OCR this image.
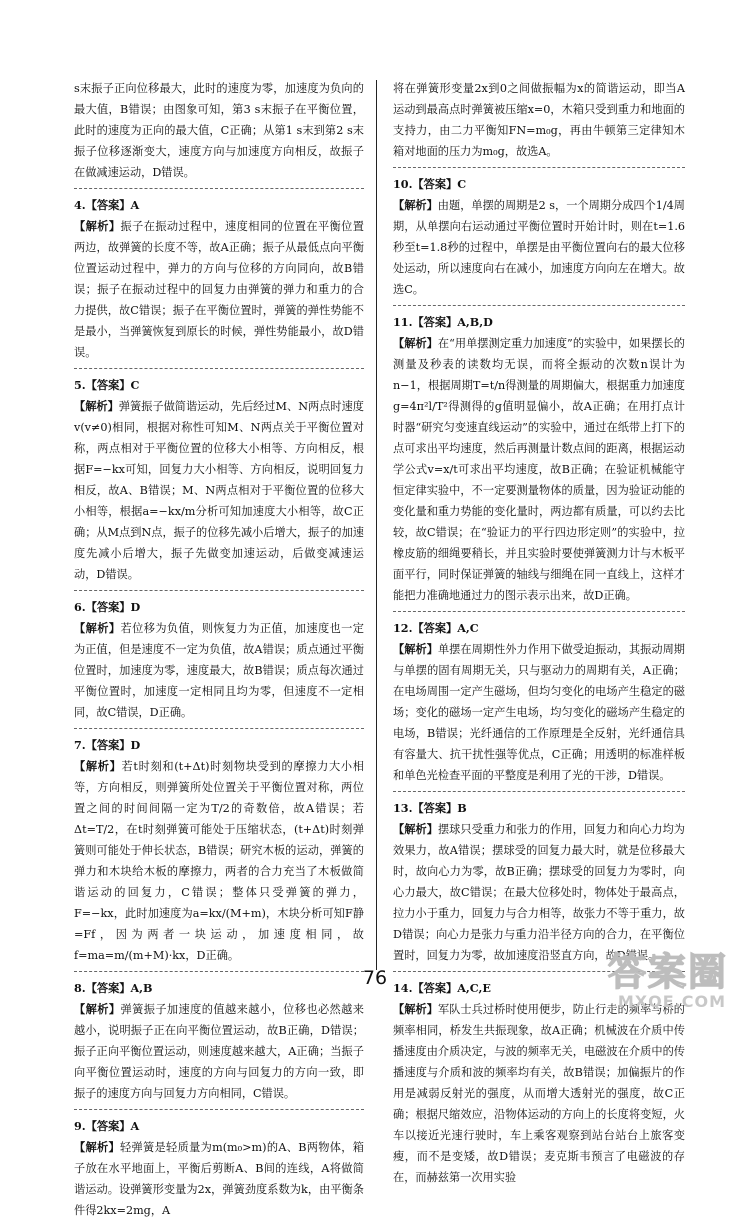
s末振子正向位移最大，此时的速度为零，加速度为负向的最大值，B错误；由图象可知，第3 s末振子在平衡位置，此时的速度为正向的最大值，C正确；从第1 s末到第2 s末振子位移逐渐变大，速度方向与加速度方向相反，故振子在做减速运动，D错误。
4.【答案】A
【解析】振子在振动过程中，速度相同的位置在平衡位置两边，故弹簧的长度不等，故A正确；振子从最低点向平衡位置运动过程中，弹力的方向与位移的方向同向，故B错误；振子在振动过程中的回复力由弹簧的弹力和重力的合力提供，故C错误；振子在平衡位置时，弹簧的弹性势能不是最小，当弹簧恢复到原长的时候，弹性势能最小，故D错误。
5.【答案】C
【解析】弹簧振子做简谐运动，先后经过M、N两点时速度v(v≠0)相同，根据对称性可知M、N两点关于平衡位置对称，两点相对于平衡位置的位移大小相等、方向相反，根据F=−kx可知，回复力大小相等、方向相反，说明回复力相反，故A、B错误；M、N两点相对于平衡位置的位移大小相等，根据a=−kx/m分析可知加速度大小相等，故C正确；从M点到N点，振子的位移先减小后增大，振子的加速度先减小后增大，振子先做变加速运动，后做变减速运动，D错误。
6.【答案】D
【解析】若位移为负值，则恢复力为正值，加速度也一定为正值，但是速度不一定为负值，故A错误；质点通过平衡位置时，加速度为零，速度最大，故B错误；质点每次通过平衡位置时，加速度一定相同且均为零，但速度不一定相同，故C错误，D正确。
7.【答案】D
【解析】若t时刻和(t+Δt)时刻物块受到的摩擦力大小相等，方向相反，则弹簧所处位置关于平衡位置对称，两位置之间的时间间隔一定为T/2的奇数倍，故A错误；若Δt=T/2，在t时刻弹簧可能处于压缩状态，(t+Δt)时刻弹簧则可能处于伸长状态，B错误；研究木板的运动，弹簧的弹力和木块给木板的摩擦力，两者的合力充当了木板做简谐运动的回复力，C错误；整体只受弹簧的弹力，F=−kx，此时加速度为a=kx/(M+m)，木块分析可知F静=Ff，因为两者一块运动，加速度相同，故f=ma=m/(m+M)·kx，D正确。
8.【答案】A,B
【解析】弹簧振子加速度的值越来越小，位移也必然越来越小，说明振子正在向平衡位置运动，故B正确，D错误；振子正向平衡位置运动，则速度越来越大，A正确；当振子向平衡位置运动时，速度的方向与回复力的方向一致，即振子的速度方向与回复力方向相同，C错误。
9.【答案】A
【解析】轻弹簧是轻质量为m(m₀>m)的A、B两物体，箱子放在水平地面上，平衡后剪断A、B间的连线，A将做简谐运动。设弹簧形变量为2x，弹簧劲度系数为k，由平衡条件得2kx=2mg，A
将在弹簧形变量2x到0之间做振幅为x的简谐运动，即当A运动到最高点时弹簧被压缩x=0，木箱只受到重力和地面的支持力，由二力平衡知FN=m₀g，再由牛顿第三定律知木箱对地面的压力为m₀g，故选A。
10.【答案】C
【解析】由题，单摆的周期是2 s，一个周期分成四个1/4周期，从单摆向右运动通过平衡位置时开始计时，则在t=1.6秒至t=1.8秒的过程中，单摆是由平衡位置向右的最大位移处运动，所以速度向右在减小，加速度方向向左在增大。故选C。
11.【答案】A,B,D
【解析】在“用单摆测定重力加速度”的实验中，如果摆长的测量及秒表的读数均无误，而将全振动的次数n误计为n−1，根据周期T=t/n得测量的周期偏大，根据重力加速度g=4π²l/T²得测得的g值明显偏小，故A正确；在用打点计时器“研究匀变速直线运动”的实验中，通过在纸带上打下的点可求出平均速度，然后再测量计数点间的距离，根据运动学公式v=x/t可求出平均速度，故B正确；在验证机械能守恒定律实验中，不一定要测量物体的质量，因为验证动能的变化量和重力势能的变化量时，两边都有质量，可以约去比较，故C错误；在“验证力的平行四边形定则”的实验中，拉橡皮筋的细绳要稍长，并且实验时要使弹簧测力计与木板平面平行，同时保证弹簧的轴线与细绳在同一直线上，这样才能把力准确地通过力的图示表示出来，故D正确。
12.【答案】A,C
【解析】单摆在周期性外力作用下做受迫振动，其振动周期与单摆的固有周期无关，只与驱动力的周期有关，A正确；在电场周围一定产生磁场，但均匀变化的电场产生稳定的磁场；变化的磁场一定产生电场，均匀变化的磁场产生稳定的电场，B错误；光纤通信的工作原理是全反射，光纤通信具有容量大、抗干扰性强等优点，C正确；用透明的标准样板和单色光检查平面的平整度是利用了光的干涉，D错误。
13.【答案】B
【解析】摆球只受重力和张力的作用，回复力和向心力均为效果力，故A错误；摆球受的回复力最大时，就是位移最大时，故向心力为零，故B正确；摆球受的回复力为零时，向心力最大，故C错误；在最大位移处时，物体处于最高点，拉力小于重力，回复力与合力相等，故张力不等于重力，故D错误；向心力是张力与重力沿半径方向的合力，在平衡位置时，回复力为零，故加速度沿竖直方向，故D错误。
14.【答案】A,C,E
【解析】军队士兵过桥时使用便步，防止行走的频率与桥的频率相同，桥发生共振现象，故A正确；机械波在介质中传播速度由介质决定，与波的频率无关，电磁波在介质中的传播速度与介质和波的频率均有关，故B错误；加偏振片的作用是减弱反射光的强度，从而增大透射光的强度，故C正确；根据尺缩效应，沿物体运动的方向上的长度将变短，火车以接近光速行驶时，车上乘客观察到站台站台上旅客变瘦，而不是变矮，故D错误；麦克斯韦预言了电磁波的存在，而赫兹第一次用实验
76	答案圈
MXQE.COM
